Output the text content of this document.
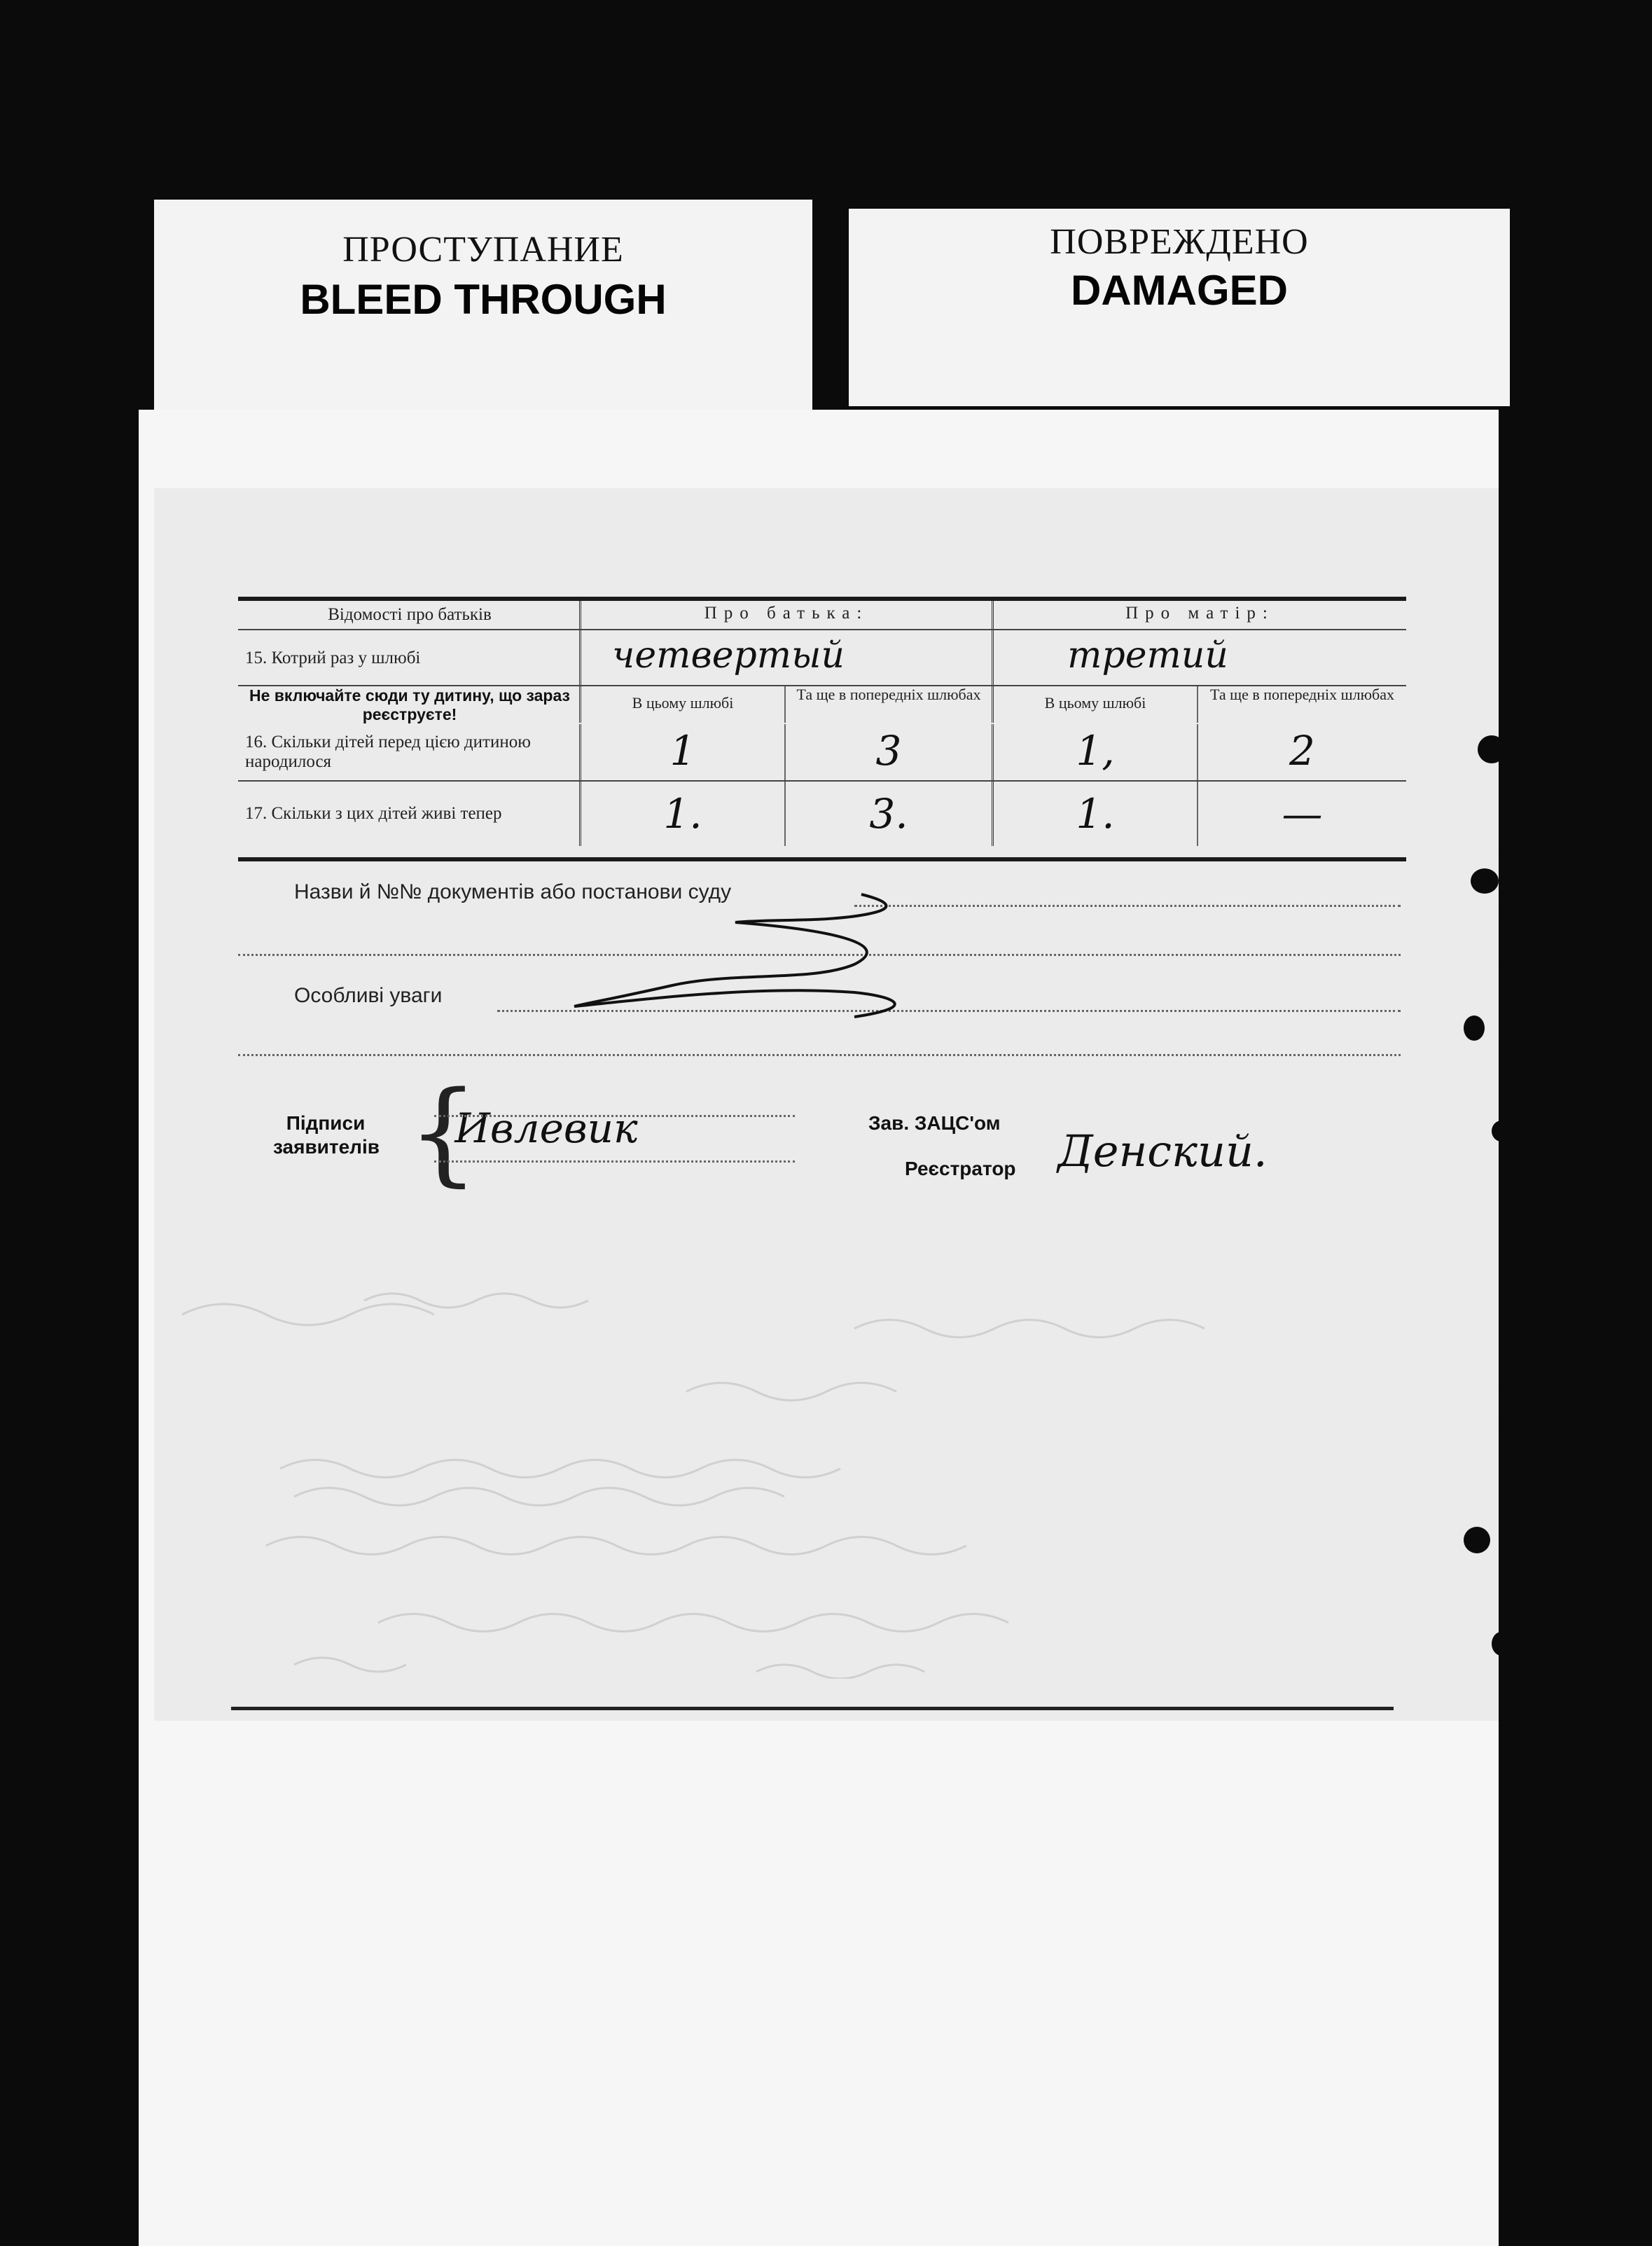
ПРОСТУПАНИЕ
BLEED THROUGH
ПОВРЕЖДЕНО
DAMAGED
Відомості про батьків	Про батька:	Про матір:
15. Котрий раз у шлюбі	четвертый	третий
Не включайте сюди ту дитину, що зараз реєструєте!
В цьому шлюбі	Та ще в попередніх шлюбах	В цьому шлюбі	Та ще в попередніх шлюбах
16. Скільки дітей перед цією дитиною народилося	1	3	1,	2
17. Скільки з цих дітей живі тепер	1.	3.	1.	—
Назви й №№ документів або постанови суду
Особливі уваги
Підписи заявителів {
Ивлевик	Зав. ЗАЦС'ом
Реєстратор Денский.
